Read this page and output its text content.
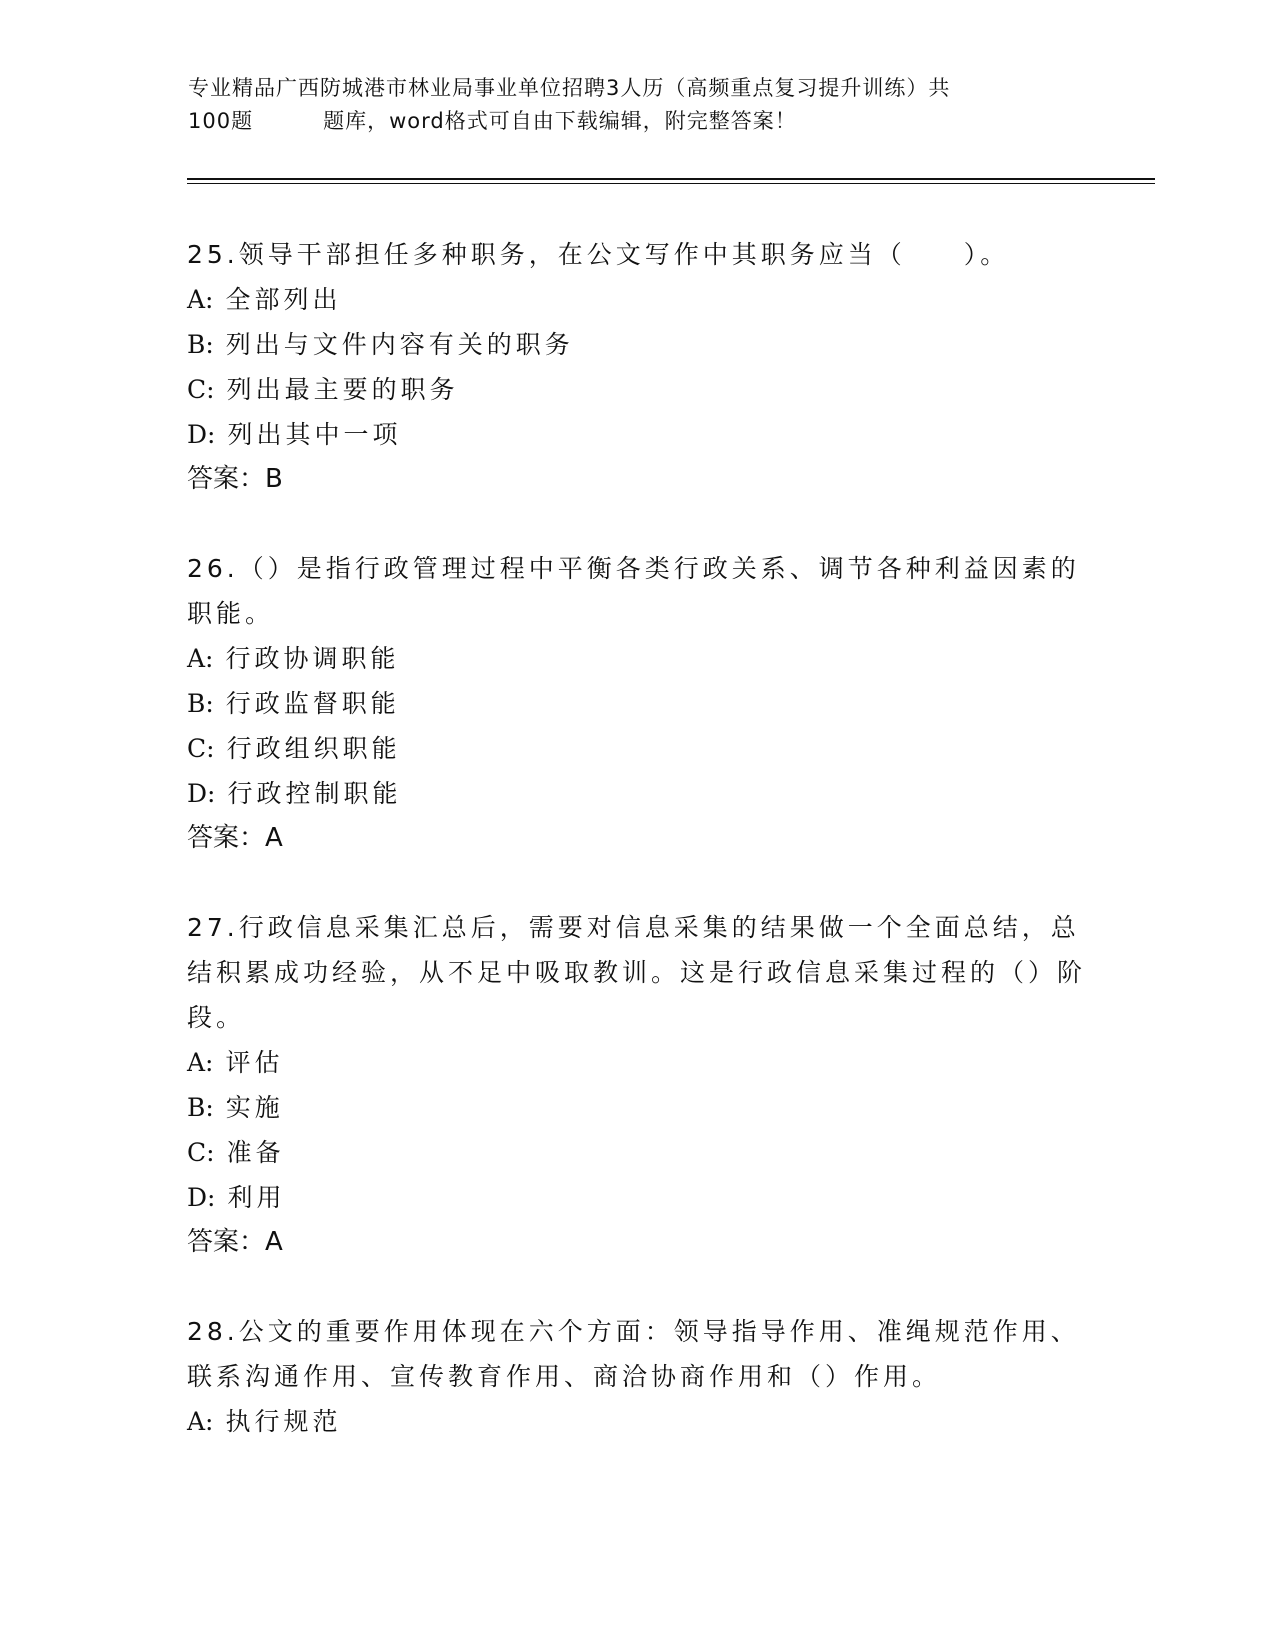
专业精品广西防城港市林业局事业单位招聘3人历（高频重点复习提升训练）共
100题	题库，word格式可自由下载编辑，附完整答案！
25.领导干部担任多种职务，在公文写作中其职务应当（　　）。
A: 全部列出
B: 列出与文件内容有关的职务
C: 列出最主要的职务
D: 列出其中一项
答案：B
26.（）是指行政管理过程中平衡各类行政关系、调节各种利益因素的职能。
A: 行政协调职能
B: 行政监督职能
C: 行政组织职能
D: 行政控制职能
答案：A
27.行政信息采集汇总后，需要对信息采集的结果做一个全面总结，总结积累成功经验，从不足中吸取教训。这是行政信息采集过程的（）阶段。
A: 评估
B: 实施
C: 准备
D: 利用
答案：A
28.公文的重要作用体现在六个方面：领导指导作用、准绳规范作用、联系沟通作用、宣传教育作用、商洽协商作用和（）作用。
A: 执行规范
